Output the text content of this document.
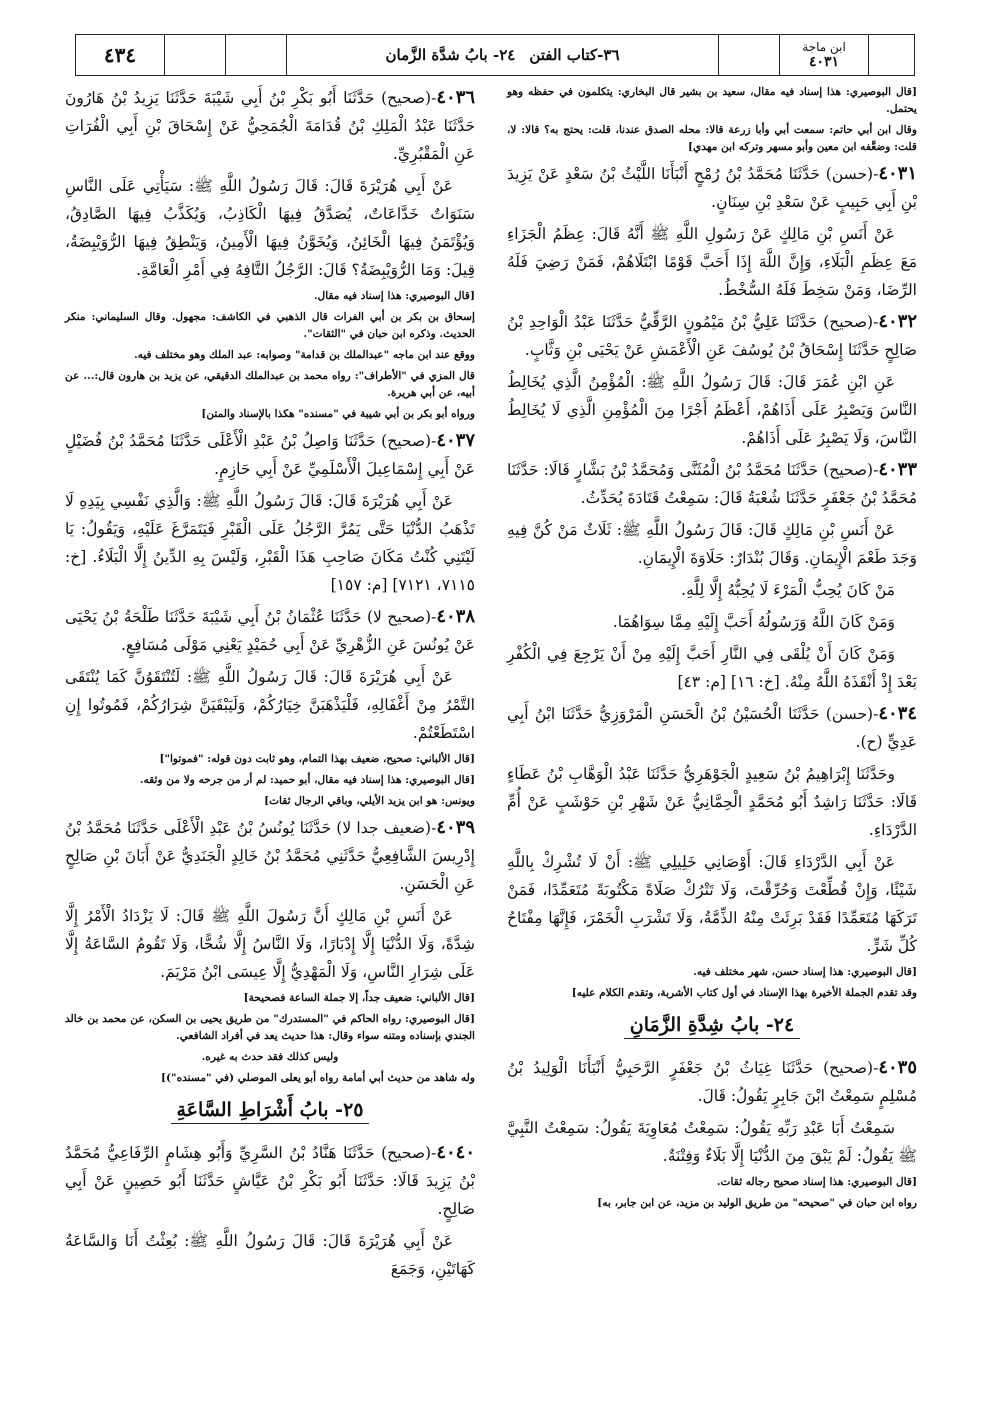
٤٣٤	٣٦-كتاب الفتن
٢٤- بابُ شدَّة الزَّمان	ابن ماجة
٤٠٣١

[قال البوصيري: هذا إسناد فيه مقال، سعيد بن بشير قال البخاري: يتكلمون في حفظه وهو يحتمل.

وقال ابن أبي حاتم: سمعت أبي وأبا زرعة قالا: محله الصدق عندنا، قلت: يحتج به؟ قالا: لا، قلت: وضعَّفه ابن معين وأبو مسهر وتركه ابن مهدي]

٤٠٣١-(حسن) حَدَّثَنَا مُحَمَّدُ بْنُ رُمْحٍ أَنْبَأَنَا اللَّيْثُ بْنُ سَعْدٍ عَنْ يَزِيدَ بْنِ أَبِي حَبِيبٍ عَنْ سَعْدِ بْنِ سِنَانٍ.

عَنْ أَنَسِ بْنِ مَالِكٍ عَنْ رَسُولِ اللَّهِ ﷺ أَنَّهُ قَالَ: عِظَمُ الْجَزَاءِ مَعَ عِظَمِ الْبَلَاءِ، وَإِنَّ اللَّهَ إِذَا أَحَبَّ قَوْمًا ابْتَلَاهُمْ، فَمَنْ رَضِيَ فَلَهُ الرِّضَا، وَمَنْ سَخِطَ فَلَهُ السُّخْطُ.

٤٠٣٢-(صحيح) حَدَّثَنَا عَلِيُّ بْنُ مَيْمُونٍ الرَّقِّيُّ حَدَّثَنَا عَبْدُ الْوَاحِدِ بْنُ صَالِحٍ حَدَّثَنَا إِسْحَاقُ بْنُ يُوسُفَ عَنِ الْأَعْمَشِ عَنْ يَحْيَى بْنِ وَثَّابٍ.

عَنِ ابْنِ عُمَرَ قَالَ: قَالَ رَسُولُ اللَّهِ ﷺ: الْمُؤْمِنُ الَّذِي يُخَالِطُ النَّاسَ وَيَصْبِرُ عَلَى أَذَاهُمْ، أَعْظَمُ أَجْرًا مِنَ الْمُؤْمِنِ الَّذِي لَا يُخَالِطُ النَّاسَ، وَلَا يَصْبِرُ عَلَى أَذَاهُمْ.

٤٠٣٣-(صحيح) حَدَّثَنَا مُحَمَّدُ بْنُ الْمُثَنَّى وَمُحَمَّدُ بْنُ بَشَّارٍ قَالَا: حَدَّثَنَا مُحَمَّدُ بْنُ جَعْفَرٍ حَدَّثَنَا شُعْبَةُ قَالَ: سَمِعْتُ قَتَادَةَ يُحَدِّثُ.

عَنْ أَنَسِ بْنِ مَالِكٍ قَالَ: قَالَ رَسُولُ اللَّهِ ﷺ: ثَلَاثٌ مَنْ كُنَّ فِيهِ وَجَدَ طَعْمَ الْإِيمَانِ. وَقَالَ بُنْدَارٌ: حَلَاوَةَ الْإِيمَانِ.

مَنْ كَانَ يُحِبُّ الْمَرْءَ لَا يُحِبُّهُ إِلَّا لِلَّهِ.

وَمَنْ كَانَ اللَّهُ وَرَسُولُهُ أَحَبَّ إِلَيْهِ مِمَّا سِوَاهُمَا.

وَمَنْ كَانَ أَنْ يُلْقَى فِي النَّارِ أَحَبَّ إِلَيْهِ مِنْ أَنْ يَرْجِعَ فِي الْكُفْرِ بَعْدَ إِذْ أَنْقَذَهُ اللَّهُ مِنْهُ. [خ: ١٦] [م: ٤٣]

٤٠٣٤-(حسن) حَدَّثَنَا الْحُسَيْنُ بْنُ الْحَسَنِ الْمَرْوَزِيُّ حَدَّثَنَا ابْنُ أَبِي عَدِيٍّ (ح).

وحَدَّثَنَا إِبْرَاهِيمُ بْنُ سَعِيدٍ الْجَوْهَرِيُّ حَدَّثَنَا عَبْدُ الْوَهَّابِ بْنُ عَطَاءٍ قَالَا: حَدَّثَنَا رَاشِدٌ أَبُو مُحَمَّدٍ الْحِمَّانِيُّ عَنْ شَهْرِ بْنِ حَوْشَبٍ عَنْ أُمِّ الدَّرْدَاءِ.

عَنْ أَبِي الدَّرْدَاءِ قَالَ: أَوْصَانِي خَلِيلِي ﷺ: أَنْ لَا تُشْرِكْ بِاللَّهِ شَيْئًا، وَإِنْ قُطِّعْتَ وَحُرِّقْتَ، وَلَا تَتْرُكْ صَلَاةً مَكْتُوبَةً مُتَعَمِّدًا، فَمَنْ تَرَكَهَا مُتَعَمِّدًا فَقَدْ بَرِئَتْ مِنْهُ الذِّمَّةُ، وَلَا تَشْرَبِ الْخَمْرَ، فَإِنَّهَا مِفْتَاحُ كُلِّ شَرٍّ.

[قال البوصيري: هذا إسناد حسن، شهر مختلف فيه.

وقد تقدم الجملة الأخيرة بهذا الإسناد في أول كتاب الأشربة، وتقدم الكلام عليه]

٢٤- بابُ شِدَّةِ الزَّمَانِ

٤٠٣٥-(صحيح) حَدَّثَنَا غِيَاثُ بْنُ جَعْفَرٍ الرَّحَبِيُّ أَنْبَأَنَا الْوَلِيدُ بْنُ مُسْلِمٍ سَمِعْتُ ابْنَ جَابِرٍ يَقُولُ: قَالَ.

سَمِعْتُ أَبَا عَبْدِ رَبِّهِ يَقُولُ: سَمِعْتُ مُعَاوِيَةَ يَقُولُ: سَمِعْتُ النَّبِيَّ ﷺ يَقُولُ: لَمْ يَبْقَ مِنَ الدُّنْيَا إِلَّا بَلَاءٌ وَفِتْنَةٌ.

[قال البوصيري: هذا إسناد صحيح رجاله ثقات.

رواه ابن حبان في "صحيحه" من طريق الوليد بن مزيد، عن ابن جابر، به]

٤٠٣٦-(صحيح) حَدَّثَنَا أَبُو بَكْرِ بْنُ أَبِي شَيْبَةَ حَدَّثَنَا يَزِيدُ بْنُ هَارُونَ حَدَّثَنَا عَبْدُ الْمَلِكِ بْنُ قُدَامَةَ الْجُمَحِيُّ عَنْ إِسْحَاقَ بْنِ أَبِي الْفُرَاتِ عَنِ الْمَقْبُرِيِّ.

عَنْ أَبِي هُرَيْرَةَ قَالَ: قَالَ رَسُولُ اللَّهِ ﷺ: سَيَأْتِي عَلَى النَّاسِ سَنَوَاتٌ خَدَّاعَاتٌ، يُصَدَّقُ فِيهَا الْكَاذِبُ، وَيُكَذَّبُ فِيهَا الصَّادِقُ، وَيُؤْتَمَنُ فِيهَا الْخَائِنُ، وَيُخَوَّنُ فِيهَا الْأَمِينُ، وَيَنْطِقُ فِيهَا الرُّوَيْبِضَةُ، قِيلَ: وَمَا الرُّوَيْبِضَةُ؟ قَالَ: الرَّجُلُ التَّافِهُ فِي أَمْرِ الْعَامَّةِ.

[قال البوصيري: هذا إسناد فيه مقال.

إسحاق بن بكر بن أبي الفرات قال الذهبي في الكاشف: مجهول. وقال السليماني: منكر الحديث. وذكره ابن حبان في "الثقات".

ووقع عند ابن ماجه "عبدالملك بن قدامة" وصوابه: عبد الملك وهو مختلف فيه.

قال المزي في "الأطراف": رواه محمد بن عبدالملك الدقيقي، عن يزيد بن هارون قال:... عن أبيه، عن أبي هريرة.

ورواه أبو بكر بن أبي شيبة في "مسنده" هكذا بالإسناد والمتن]

٤٠٣٧-(صحيح) حَدَّثَنَا وَاصِلُ بْنُ عَبْدِ الْأَعْلَى حَدَّثَنَا مُحَمَّدُ بْنُ فُضَيْلٍ عَنْ أَبِي إِسْمَاعِيلَ الْأَسْلَمِيِّ عَنْ أَبِي حَازِمٍ.

عَنْ أَبِي هُرَيْرَةَ قَالَ: قَالَ رَسُولُ اللَّهِ ﷺ: وَالَّذِي نَفْسِي بِيَدِهِ لَا تَذْهَبُ الدُّنْيَا حَتَّى يَمُرَّ الرَّجُلُ عَلَى الْقَبْرِ فَيَتَمَرَّغَ عَلَيْهِ، وَيَقُولُ: يَا لَيْتَنِي كُنْتُ مَكَانَ صَاحِبِ هَذَا الْقَبْرِ، وَلَيْسَ بِهِ الدِّينُ إِلَّا الْبَلَاءُ. [خ: ٧١١٥، ٧١٢١] [م: ١٥٧]

٤٠٣٨-(صحيح لا) حَدَّثَنَا عُثْمَانُ بْنُ أَبِي شَيْبَةَ حَدَّثَنَا طَلْحَةُ بْنُ يَحْيَى عَنْ يُونُسَ عَنِ الزُّهْرِيِّ عَنْ أَبِي حُمَيْدٍ يَعْنِي مَوْلَى مُسَافِعٍ.

عَنْ أَبِي هُرَيْرَةَ قَالَ: قَالَ رَسُولُ اللَّهِ ﷺ: لَتُنْتَقَوُنَّ كَمَا يُنْتَقَى التَّمْرُ مِنْ أَغْفَالِهِ، فَلْيَذْهَبَنَّ خِيَارُكُمْ، وَلَيَبْقَيَنَّ شِرَارُكُمْ، فَمُوتُوا إِنِ اسْتَطَعْتُمْ.

[قال الألباني: صحيح، ضعيف بهذا التمام، وهو ثابت دون قوله: "فموتوا"]

[قال البوصيري: هذا إسناد فيه مقال، أبو حميد: لم أر من جرحه ولا من وثقه.

ويونس: هو ابن يزيد الأيلي، وباقي الرجال ثقات]

٤٠٣٩-(ضعيف جدا لا) حَدَّثَنَا يُونُسُ بْنُ عَبْدِ الْأَعْلَى حَدَّثَنَا مُحَمَّدُ بْنُ إِدْرِيسَ الشَّافِعِيُّ حَدَّثَنِي مُحَمَّدُ بْنُ خَالِدٍ الْجَنَدِيُّ عَنْ أَبَانَ بْنِ صَالِحٍ عَنِ الْحَسَنِ.

عَنْ أَنَسِ بْنِ مَالِكٍ أَنَّ رَسُولَ اللَّهِ ﷺ قَالَ: لَا يَزْدَادُ الْأَمْرُ إِلَّا شِدَّةً، وَلَا الدُّنْيَا إِلَّا إِدْبَارًا، وَلَا النَّاسُ إِلَّا شُحًّا، وَلَا تَقُومُ السَّاعَةُ إِلَّا عَلَى شِرَارِ النَّاسِ، وَلَا الْمَهْدِيُّ إِلَّا عِيسَى ابْنُ مَرْيَمَ.

[قال الألباني: ضعيف جداً، إلا جملة الساعة فصحيحة]

[قال البوصيري: رواه الحاكم في "المستدرك" من طريق يحيى بن السكن، عن محمد بن خالد الجندي بإسناده ومتنه سواء وقال: هذا حديث يعد في أفراد الشافعي.

وليس كذلك فقد حدث به غيره.

وله شاهد من حديث أبي أمامة رواه أبو يعلى الموصلي (في "مسنده")]

٢٥- بابُ أَشْرَاطِ السَّاعَةِ

٤٠٤٠-(صحيح) حَدَّثَنَا هَنَّادُ بْنُ السَّرِيِّ وَأَبُو هِشَامٍ الرِّفَاعِيُّ مُحَمَّدُ بْنُ يَزِيدَ قَالَا: حَدَّثَنَا أَبُو بَكْرِ بْنُ عَيَّاشٍ حَدَّثَنَا أَبُو حَصِينٍ عَنْ أَبِي صَالِحٍ.

عَنْ أَبِي هُرَيْرَةَ قَالَ: قَالَ رَسُولُ اللَّهِ ﷺ: بُعِثْتُ أَنَا وَالسَّاعَةُ كَهَاتَيْنِ، وَجَمَعَ
